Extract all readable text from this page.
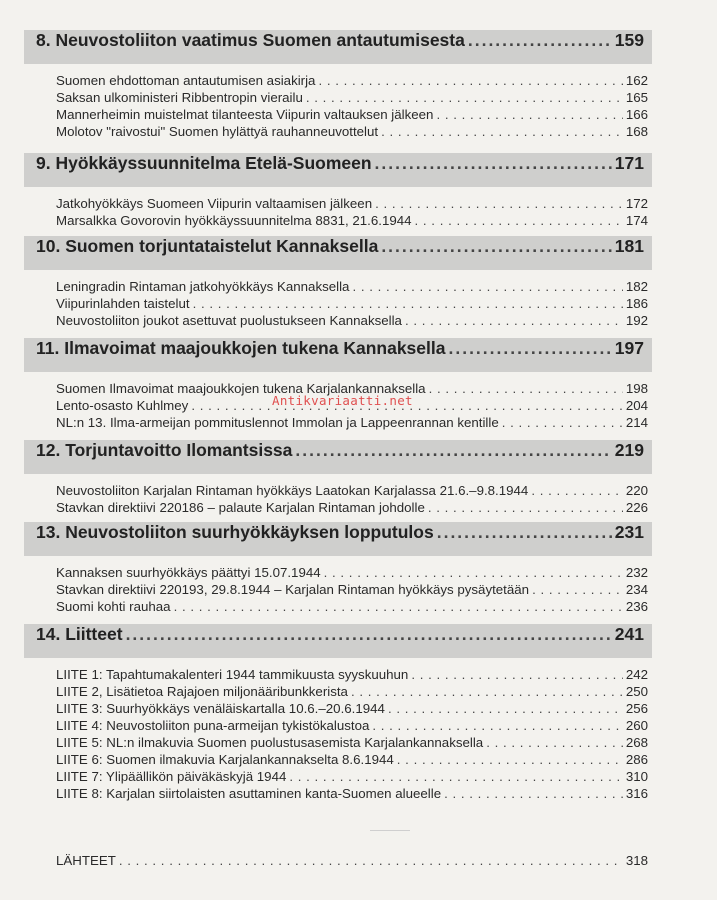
8. Neuvostoliiton vaatimus Suomen antautumisesta .....	159
Suomen ehdottoman antautumisen asiakirja . . .	162
Saksan ulkoministeri Ribbentropin vierailu . . .	165
Mannerheimin muistelmat tilanteesta Viipurin valtauksen jälkeen . . .	166
Molotov "raivostui" Suomen hylättyä rauhanneuvottelut . . .	168
9. Hyökkäyssuunnitelma Etelä-Suomeen .....	171
Jatkohyökkäys Suomeen Viipurin valtaamisen jälkeen . . .	172
Marsalkka Govorovin hyökkäyssuunnitelma 8831, 21.6.1944 . . .	174
10. Suomen torjuntataistelut Kannaksella .....	181
Leningradin Rintaman jatkohyökkäys Kannaksella . . .	182
Viipurinlahden taistelut . . .	186
Neuvostoliiton joukot asettuvat puolustukseen Kannaksella . . .	192
11. Ilmavoimat maajoukkojen tukena Kannaksella .....	197
Suomen Ilmavoimat maajoukkojen tukena Karjalankannaksella . . .	198
Lento-osasto Kuhlmey . . .	204
NL:n 13. Ilma-armeijan pommituslennot Immolan ja Lappeenrannan kentille . . .	214
12. Torjuntavoitto Ilomantsissa .....	219
Neuvostoliiton Karjalan Rintaman hyökkäys Laatokan Karjalassa 21.6.–9.8.1944 . . .	220
Stavkan direktiivi 220186 – palaute Karjalan Rintaman johdolle . . .	226
13. Neuvostoliiton suurhyökkäyksen lopputulos .....	231
Kannaksen suurhyökkäys päättyi 15.07.1944 . . .	232
Stavkan direktiivi 220193, 29.8.1944 – Karjalan Rintaman hyökkäys pysäytetään . . .	234
Suomi kohti rauhaa . . .	236
14. Liitteet .....	241
LIITE 1: Tapahtumakalenteri 1944 tammikuusta syyskuuhun . . .	242
LIITE 2, Lisätietoa Rajajoen miljonääribunkkerista . . .	250
LIITE 3: Suurhyökkäys venäläiskartalla 10.6.–20.6.1944 . . .	256
LIITE 4: Neuvostoliiton puna-armeijan tykistökalustoa . . .	260
LIITE 5: NL:n ilmakuvia Suomen puolustusasemista Karjalankannaksella . . .	268
LIITE 6: Suomen ilmakuvia Karjalankannakselta 8.6.1944 . . .	286
LIITE 7: Ylipäällikön päiväkäskyjä 1944 . . .	310
LIITE 8: Karjalan siirtolaisten asuttaminen kanta-Suomen alueelle . . .	316
LÄHTEET . . .	318
Antikvariaatti.net
